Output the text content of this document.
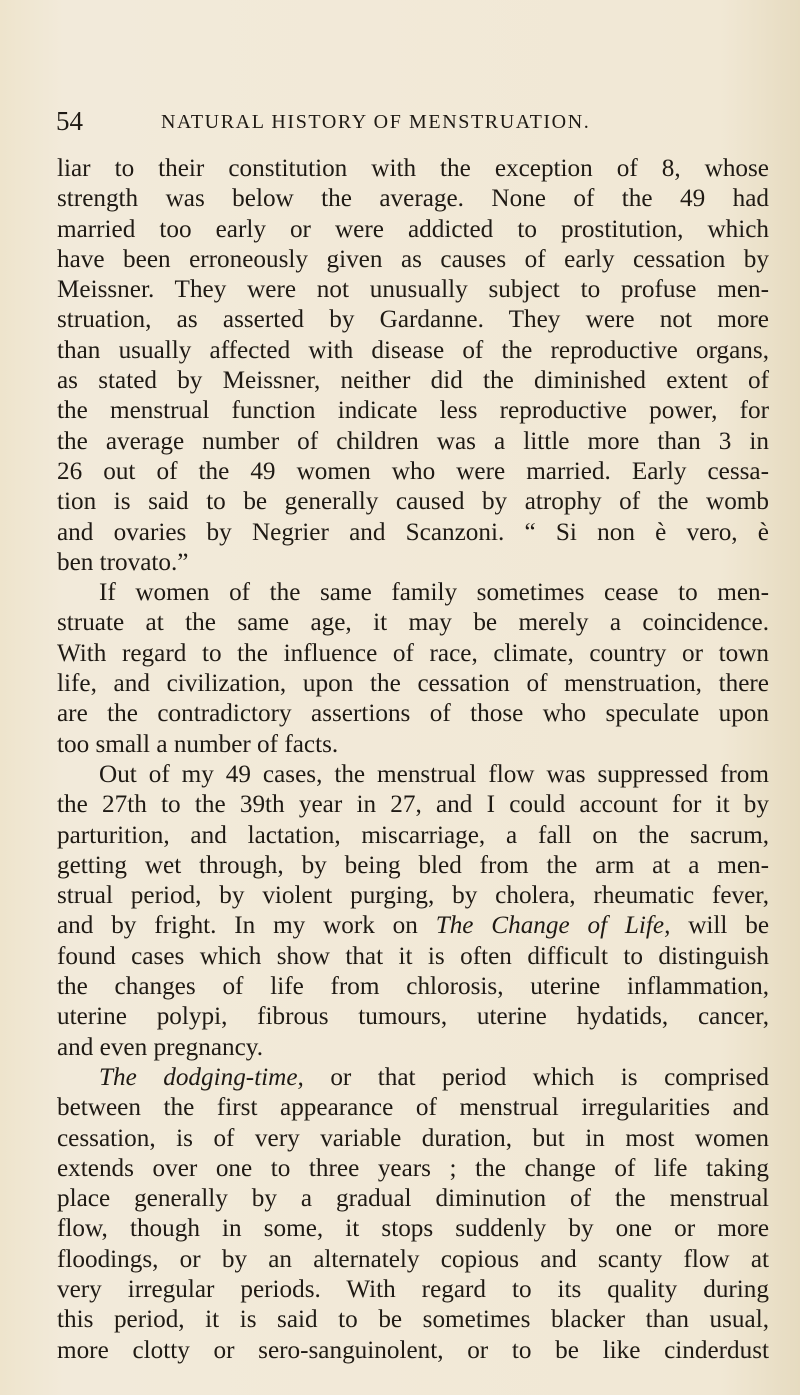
54	NATURAL HISTORY OF MENSTRUATION.

liar to their constitution with the exception of 8, whose
strength was below the average. None of the 49 had
married too early or were addicted to prostitution, which
have been erroneously given as causes of early cessation by
Meissner. They were not unusually subject to profuse men-
struation, as asserted by Gardanne. They were not more
than usually affected with disease of the reproductive organs,
as stated by Meissner, neither did the diminished extent of
the menstrual function indicate less reproductive power, for
the average number of children was a little more than 3 in
26 out of the 49 women who were married. Early cessa-
tion is said to be generally caused by atrophy of the womb
and ovaries by Negrier and Scanzoni. “ Si non è vero, è
ben trovato.”

If women of the same family sometimes cease to men-
struate at the same age, it may be merely a coincidence.
With regard to the influence of race, climate, country or town
life, and civilization, upon the cessation of menstruation, there
are the contradictory assertions of those who speculate upon
too small a number of facts.

Out of my 49 cases, the menstrual flow was suppressed from
the 27th to the 39th year in 27, and I could account for it by
parturition, and lactation, miscarriage, a fall on the sacrum,
getting wet through, by being bled from the arm at a men-
strual period, by violent purging, by cholera, rheumatic fever,
and by fright. In my work on The Change of Life, will be
found cases which show that it is often difficult to distinguish
the changes of life from chlorosis, uterine inflammation,
uterine polypi, fibrous tumours, uterine hydatids, cancer,
and even pregnancy.

The dodging-time, or that period which is comprised
between the first appearance of menstrual irregularities and
cessation, is of very variable duration, but in most women
extends over one to three years ; the change of life taking
place generally by a gradual diminution of the menstrual
flow, though in some, it stops suddenly by one or more
floodings, or by an alternately copious and scanty flow at
very irregular periods. With regard to its quality during
this period, it is said to be sometimes blacker than usual,
more clotty or sero-sanguinolent, or to be like cinderdust
